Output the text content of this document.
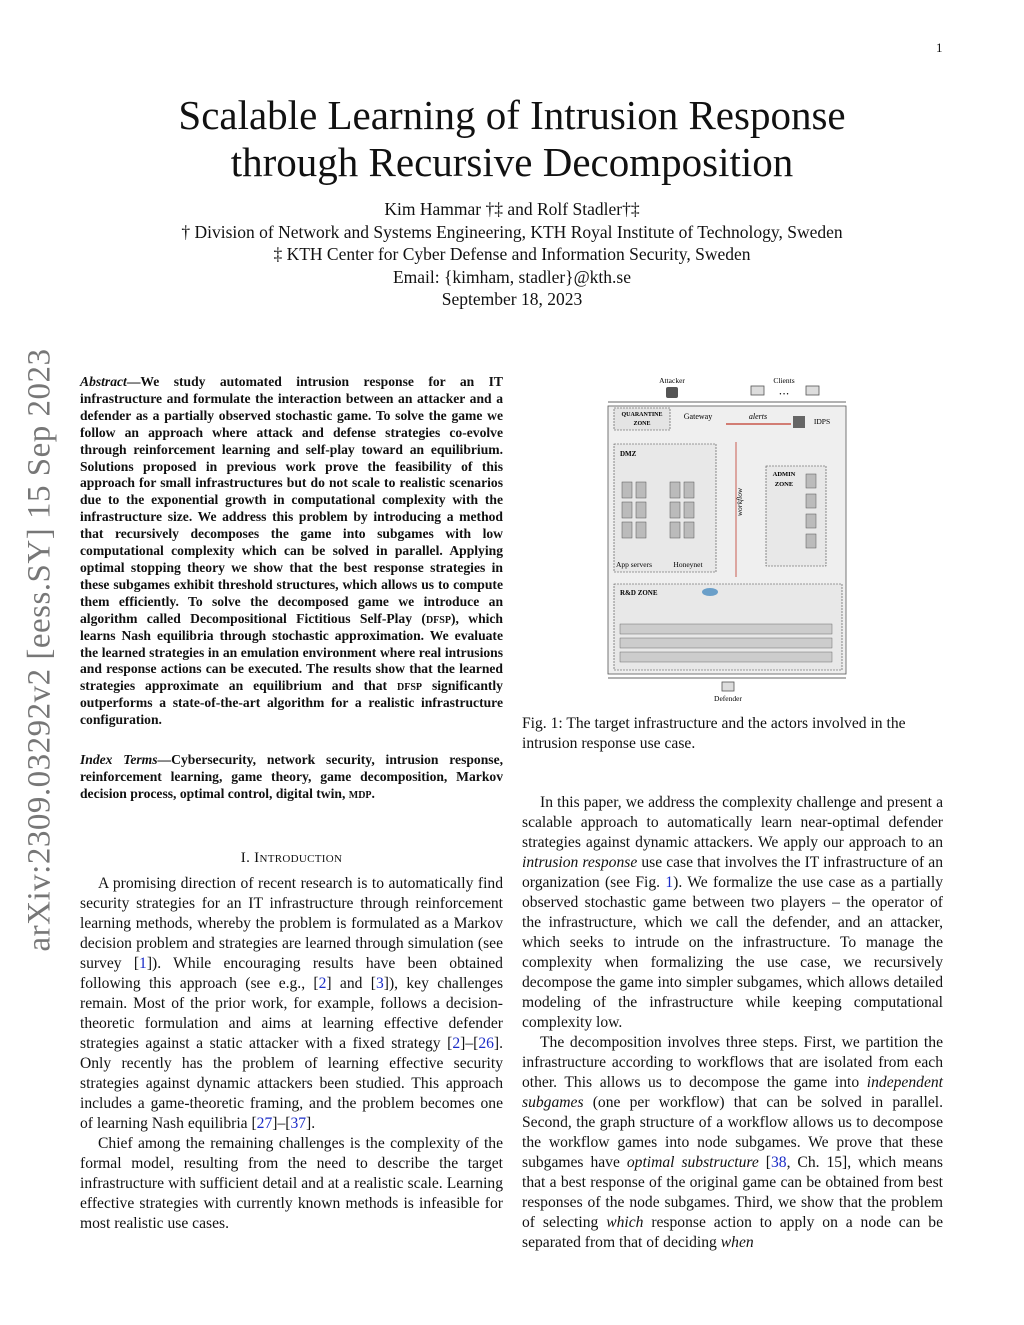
1
arXiv:2309.03292v2 [eess.SY] 15 Sep 2023
Scalable Learning of Intrusion Response
through Recursive Decomposition
Kim Hammar †‡ and Rolf Stadler†‡
† Division of Network and Systems Engineering, KTH Royal Institute of Technology, Sweden
‡ KTH Center for Cyber Defense and Information Security, Sweden
Email: {kimham, stadler}@kth.se
September 18, 2023
Abstract—We study automated intrusion response for an IT infrastructure and formulate the interaction between an attacker and a defender as a partially observed stochastic game. To solve the game we follow an approach where attack and defense strategies co-evolve through reinforcement learning and self-play toward an equilibrium. Solutions proposed in previous work prove the feasibility of this approach for small infrastructures but do not scale to realistic scenarios due to the exponential growth in computational complexity with the infrastructure size. We address this problem by introducing a method that recursively decomposes the game into subgames with low computational complexity which can be solved in parallel. Applying optimal stopping theory we show that the best response strategies in these subgames exhibit threshold structures, which allows us to compute them efficiently. To solve the decomposed game we introduce an algorithm called Decompositional Fictitious Self-Play (dfsp), which learns Nash equilibria through stochastic approximation. We evaluate the learned strategies in an emulation environment where real intrusions and response actions can be executed. The results show that the learned strategies approximate an equilibrium and that dfsp significantly outperforms a state-of-the-art algorithm for a realistic infrastructure configuration.
Index Terms—Cybersecurity, network security, intrusion response, reinforcement learning, game theory, game decomposition, Markov decision process, optimal control, digital twin, mdp.
I. Introduction

A promising direction of recent research is to automatically find security strategies for an IT infrastructure through reinforcement learning methods, whereby the problem is formulated as a Markov decision problem and strategies are learned through simulation (see survey [1]). While encouraging results have been obtained following this approach (see e.g., [2] and [3]), key challenges remain. Most of the prior work, for example, follows a decision-theoretic formulation and aims at learning effective defender strategies against a static attacker with a fixed strategy [2]–[26]. Only recently has the problem of learning effective security strategies against dynamic attackers been studied. This approach includes a game-theoretic framing, and the problem becomes one of learning Nash equilibria [27]–[37].

Chief among the remaining challenges is the complexity of the formal model, resulting from the need to describe the target infrastructure with sufficient detail and at a realistic scale. Learning effective strategies with currently known methods is infeasible for most realistic use cases.

Attacker	Clients
• • •
QUARANTINE
ZONE
Gateway	alerts
IDPS
DMZ
App servers	Honeynet
workflow
ADMIN
ZONE
R&D ZONE
Defender
Fig. 1: The target infrastructure and the actors involved in the intrusion response use case.

In this paper, we address the complexity challenge and present a scalable approach to automatically learn near-optimal defender strategies against dynamic attackers. We apply our approach to an intrusion response use case that involves the IT infrastructure of an organization (see Fig. 1). We formalize the use case as a partially observed stochastic game between two players – the operator of the infrastructure, which we call the defender, and an attacker, which seeks to intrude on the infrastructure. To manage the complexity when formalizing the use case, we recursively decompose the game into simpler subgames, which allows detailed modeling of the infrastructure while keeping computational complexity low.

The decomposition involves three steps. First, we partition the infrastructure according to workflows that are isolated from each other. This allows us to decompose the game into independent subgames (one per workflow) that can be solved in parallel. Second, the graph structure of a workflow allows us to decompose the workflow games into node subgames. We prove that these subgames have optimal substructure [38, Ch. 15], which means that a best response of the original game can be obtained from best responses of the node subgames. Third, we show that the problem of selecting which response action to apply on a node can be separated from that of deciding when
